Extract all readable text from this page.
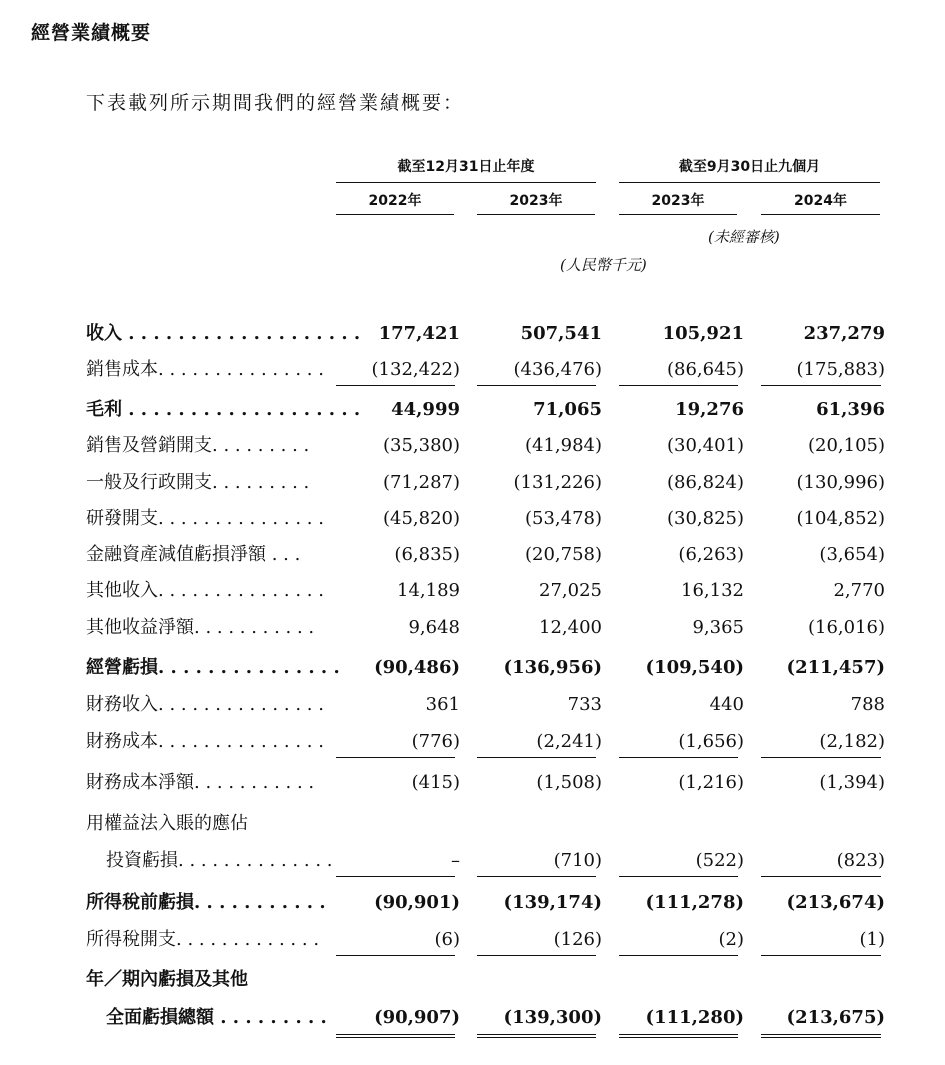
經營業績概要
下表載列所示期間我們的經營業績概要：
截至12月31日止年度	截至9月30日止九個月
2022年	2023年	2023年	2024年
(未經審核)
(人民幣千元)
收入 . . . . . . . . . . . . . . . . . . . 177,421	507,541	105,921	237,279
銷售成本. . . . . . . . . . . . . . .	(132,422)	(436,476)	(86,645)	(175,883)
毛利 . . . . . . . . . . . . . . . . . . . 44,999	71,065	19,276	61,396
銷售及營銷開支. . . . . . . . .	(35,380)	(41,984)	(30,401)	(20,105)
一般及行政開支. . . . . . . . .	(71,287)	(131,226)	(86,824)	(130,996)
研發開支. . . . . . . . . . . . . . .	(45,820)	(53,478)	(30,825)	(104,852)
金融資產減值虧損淨額 . . .	(6,835)	(20,758)	(6,263)	(3,654)
其他收入. . . . . . . . . . . . . . .	14,189	27,025	16,132	2,770
其他收益淨額. . . . . . . . . . .	9,648	12,400	9,365	(16,016)
經營虧損. . . . . . . . . . . . . . . (90,486) (136,956) (109,540) (211,457)
財務收入. . . . . . . . . . . . . . .	361	733	440	788
財務成本. . . . . . . . . . . . . . .	(776)	(2,241)	(1,656)	(2,182)
財務成本淨額. . . . . . . . . . .	(415)	(1,508)	(1,216)	(1,394)
用權益法入賬的應佔
投資虧損. . . . . . . . . . . . . .	–	(710)	(522)	(823)
所得稅前虧損. . . . . . . . . . .	(90,901) (139,174) (111,278) (213,674)
所得稅開支. . . . . . . . . . . . .	(6)	(126)	(2)	(1)
年／期內虧損及其他
全面虧損總額 . . . . . . . . .	(90,907) (139,300) (111,280) (213,675)
